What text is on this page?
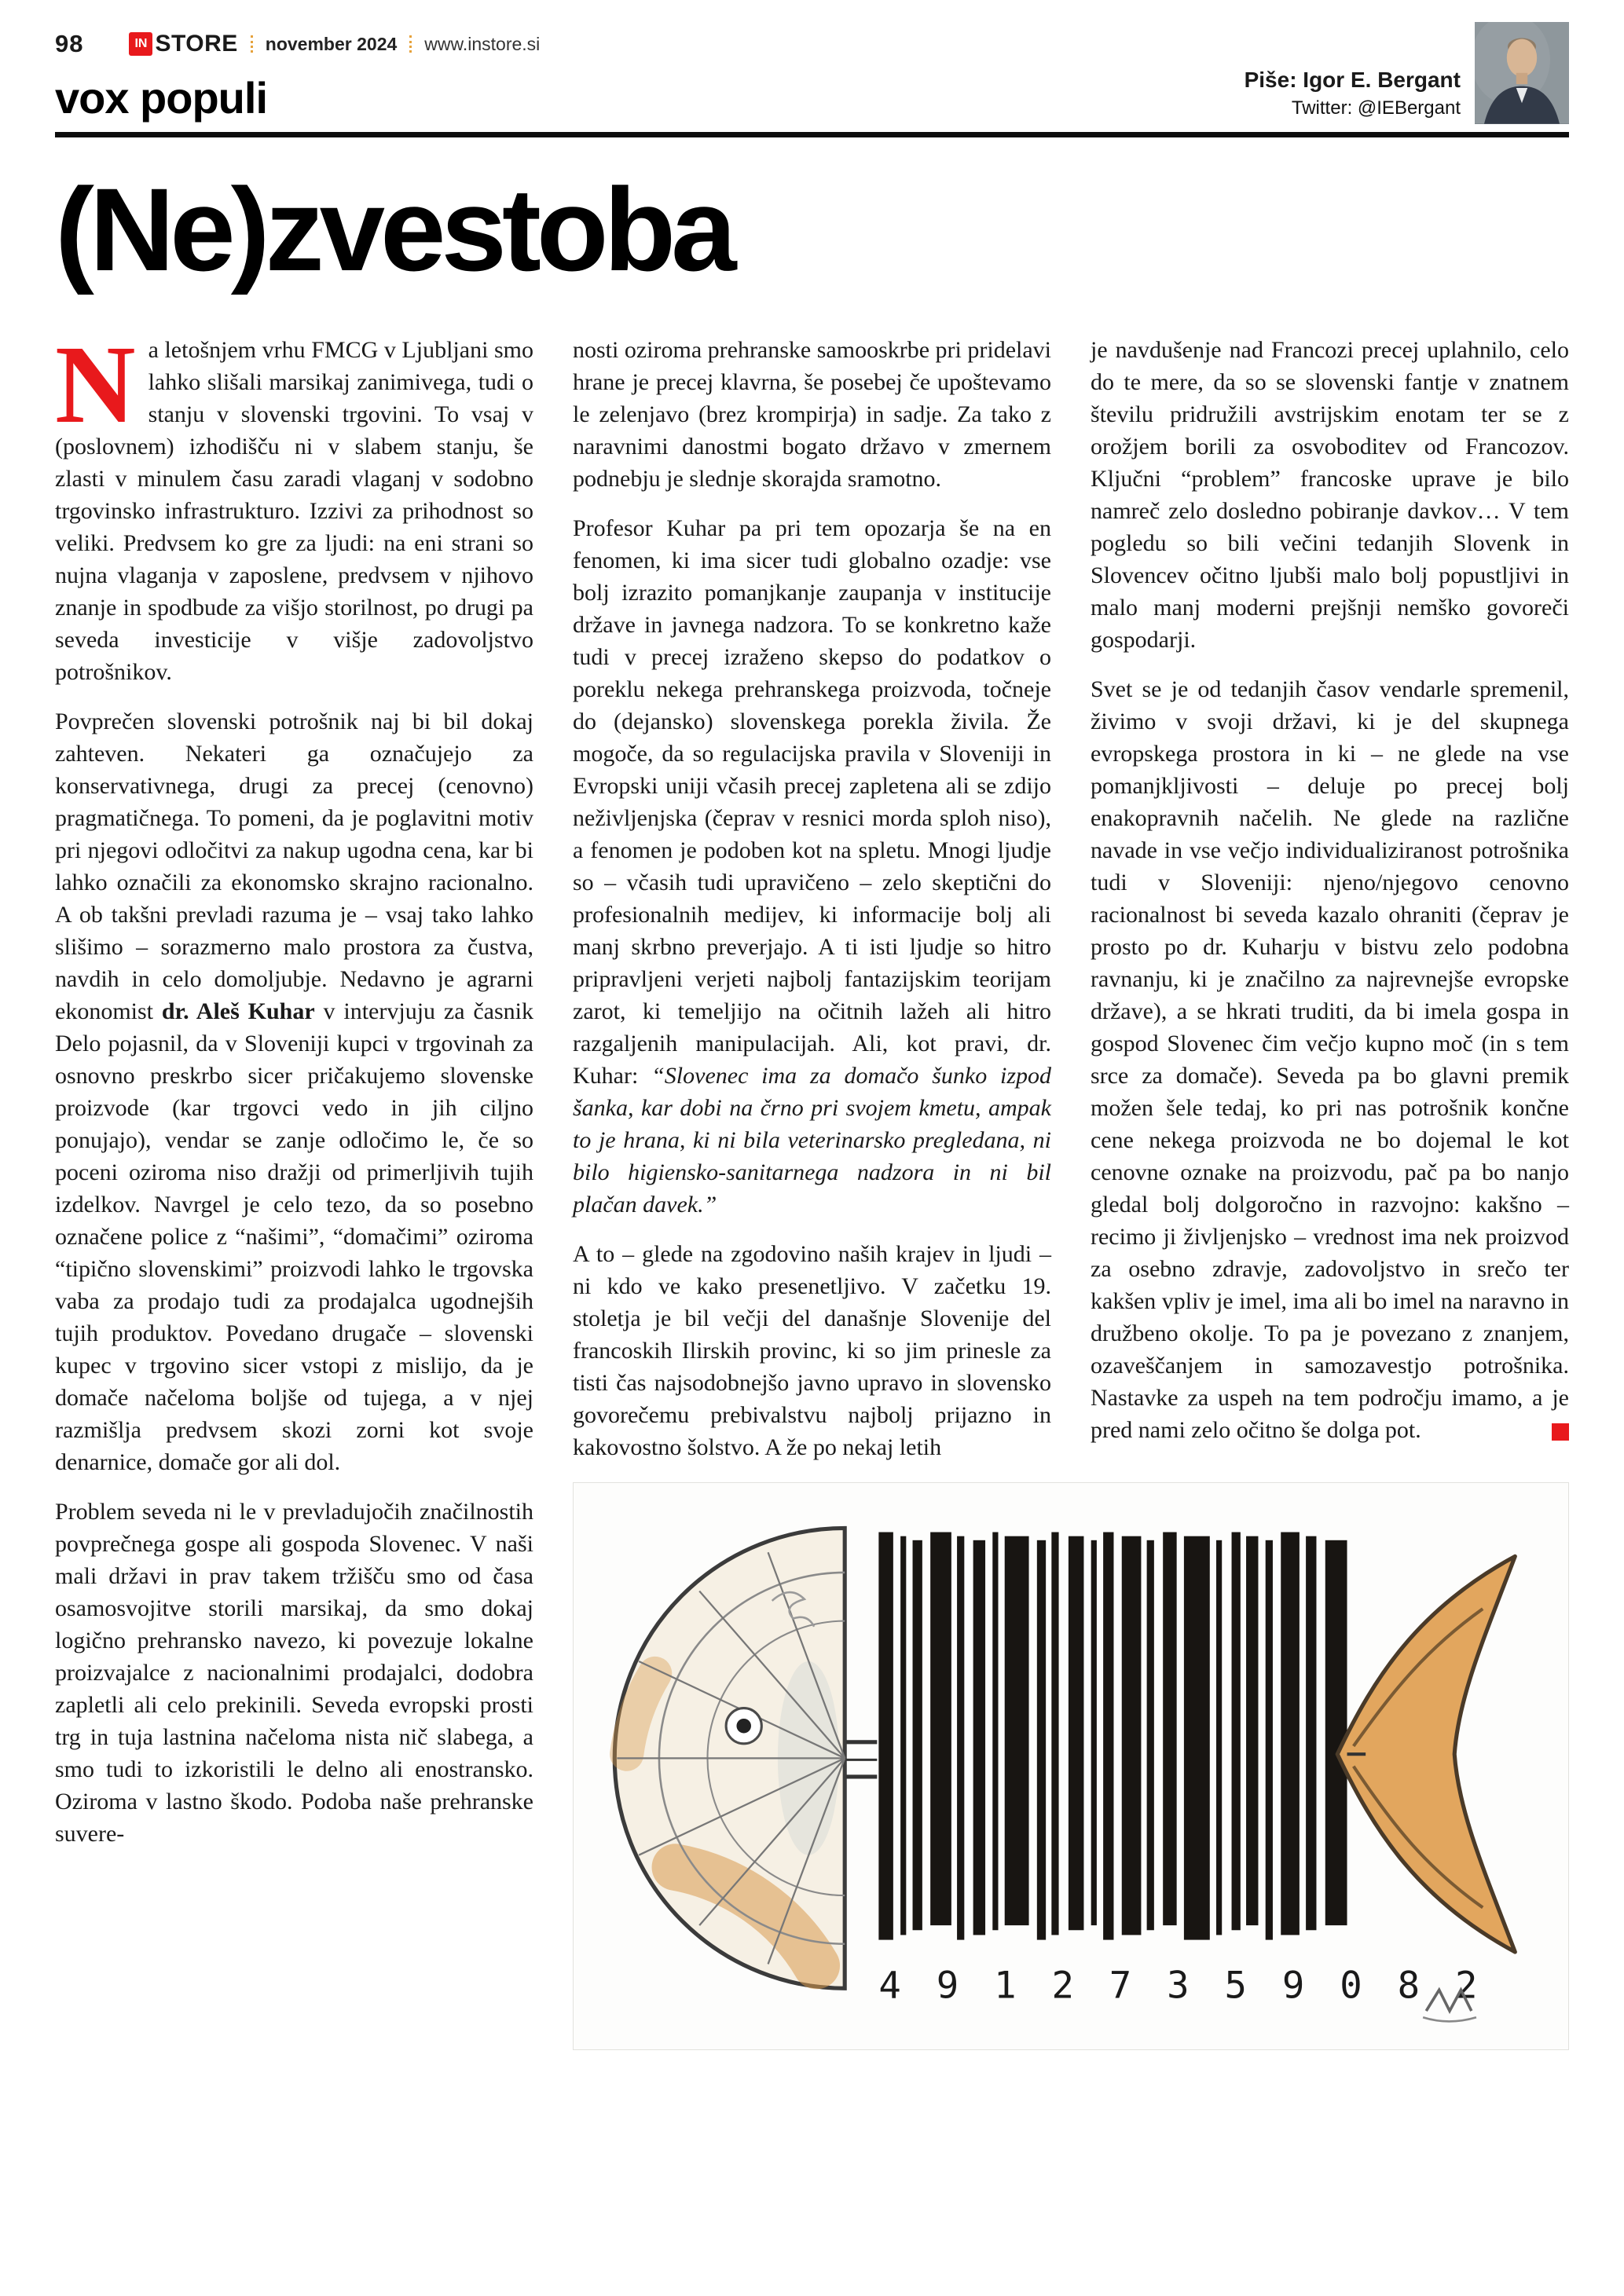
98	IN STORE november 2024 www.instore.si
vox populi	Piše: Igor E. Bergant
Twitter: @IEBergant
(Ne)zvestoba

Na letošnjem vrhu FMCG v Ljubljani smo lahko slišali marsikaj zanimivega, tudi o stanju v slovenski trgovini. To vsaj v (poslovnem) izhodišču ni v slabem stanju, še zlasti v minulem času zaradi vlaganj v sodobno trgovinsko infrastrukturo. Izzivi za prihodnost so veliki. Predvsem ko gre za ljudi: na eni strani so nujna vlaganja v zaposlene, predvsem v njihovo znanje in spodbude za višjo storilnost, po drugi pa seveda investicije v višje zadovoljstvo potrošnikov.

Povprečen slovenski potrošnik naj bi bil dokaj zahteven. Nekateri ga označujejo za konservativnega, drugi za precej (cenovno) pragmatičnega. To pomeni, da je poglavitni motiv pri njegovi odločitvi za nakup ugodna cena, kar bi lahko označili za ekonomsko skrajno racionalno. A ob takšni prevladi razuma je – vsaj tako lahko slišimo – sorazmerno malo prostora za čustva, navdih in celo domoljubje. Nedavno je agrarni ekonomist dr. Aleš Kuhar v intervjuju za časnik Delo pojasnil, da v Sloveniji kupci v trgovinah za osnovno preskrbo sicer pričakujemo slovenske proizvode (kar trgovci vedo in jih ciljno ponujajo), vendar se zanje odločimo le, če so poceni oziroma niso dražji od primerljivih tujih izdelkov. Navrgel je celo tezo, da so posebno označene police z “našimi”, “domačimi” oziroma “tipično slovenskimi” proizvodi lahko le trgovska vaba za prodajo tudi za prodajalca ugodnejših tujih produktov. Povedano drugače – slovenski kupec v trgovino sicer vstopi z mislijo, da je domače načeloma boljše od tujega, a v njej razmišlja predvsem skozi zorni kot svoje denarnice, domače gor ali dol.

Problem seveda ni le v prevladujočih značilnostih povprečnega gospe ali gospoda Slovenec. V naši mali državi in prav takem tržišču smo od časa osamosvojitve storili marsikaj, da smo dokaj logično prehransko navezo, ki povezuje lokalne proizvajalce z nacionalnimi prodajalci, dodobra zapletli ali celo prekinili. Seveda evropski prosti trg in tuja lastnina načeloma nista nič slabega, a smo tudi to izkoristili le delno ali enostransko. Oziroma v lastno škodo. Podoba naše prehranske suvere-

nosti oziroma prehranske samooskrbe pri pridelavi hrane je precej klavrna, še posebej če upoštevamo le zelenjavo (brez krompirja) in sadje. Za tako z naravnimi danostmi bogato državo v zmernem podnebju je slednje skorajda sramotno.

Profesor Kuhar pa pri tem opozarja še na en fenomen, ki ima sicer tudi globalno ozadje: vse bolj izrazito pomanjkanje zaupanja v institucije države in javnega nadzora. To se konkretno kaže tudi v precej izraženo skepso do podatkov o poreklu nekega prehranskega proizvoda, točneje do (dejansko) slovenskega porekla živila. Že mogoče, da so regulacijska pravila v Sloveniji in Evropski uniji včasih precej zapletena ali se zdijo neživljenjska (čeprav v resnici morda sploh niso), a fenomen je podoben kot na spletu. Mnogi ljudje so – včasih tudi upravičeno – zelo skeptični do profesionalnih medijev, ki informacije bolj ali manj skrbno preverjajo. A ti isti ljudje so hitro pripravljeni verjeti najbolj fantazijskim teorijam zarot, ki temeljijo na očitnih lažeh ali hitro razgaljenih manipulacijah. Ali, kot pravi, dr. Kuhar: “Slovenec ima za domačo šunko izpod šanka, kar dobi na črno pri svojem kmetu, ampak to je hrana, ki ni bila veterinarsko pregledana, ni bilo higiensko-sanitarnega nadzora in ni bil plačan davek.”

A to – glede na zgodovino naših krajev in ljudi – ni kdo ve kako presenetljivo. V začetku 19. stoletja je bil večji del današnje Slovenije del francoskih Ilirskih provinc, ki so jim prinesle za tisti čas najsodobnejšo javno upravo in slovensko govorečemu prebivalstvu najbolj prijazno in kakovostno šolstvo. A že po nekaj letih

je navdušenje nad Francozi precej uplahnilo, celo do te mere, da so se slovenski fantje v znatnem številu pridružili avstrijskim enotam ter se z orožjem borili za osvoboditev od Francozov. Ključni “problem” francoske uprave je bilo namreč zelo dosledno pobiranje davkov… V tem pogledu so bili večini tedanjih Slovenk in Slovencev očitno ljubši malo bolj popustljivi in malo manj moderni prejšnji nemško govoreči gospodarji.

Svet se je od tedanjih časov vendarle spremenil, živimo v svoji državi, ki je del skupnega evropskega prostora in ki – ne glede na vse pomanjkljivosti – deluje po precej bolj enakopravnih načelih. Ne glede na različne navade in vse večjo individualiziranost potrošnika tudi v Sloveniji: njeno/njegovo cenovno racionalnost bi seveda kazalo ohraniti (čeprav je prosto po dr. Kuharju v bistvu zelo podobna ravnanju, ki je značilno za najrevnejše evropske države), a se hkrati truditi, da bi imela gospa in gospod Slovenec čim večjo kupno moč (in s tem srce za domače). Seveda pa bo glavni premik možen šele tedaj, ko pri nas potrošnik končne cene nekega proizvoda ne bo dojemal le kot cenovne oznake na proizvodu, pač pa bo nanjo gledal bolj dolgoročno in razvojno: kakšno – recimo ji življenjsko – vrednost ima nek proizvod za osebno zdravje, zadovoljstvo in srečo ter kakšen vpliv je imel, ima ali bo imel na naravno in družbeno okolje. To pa je povezano z znanjem, ozaveščanjem in samozavestjo potrošnika. Nastavke za uspeh na tem področju imamo, a je pred nami zelo očitno še dolga pot.

4 9 1 2 7 3 5 9 0 8 2
